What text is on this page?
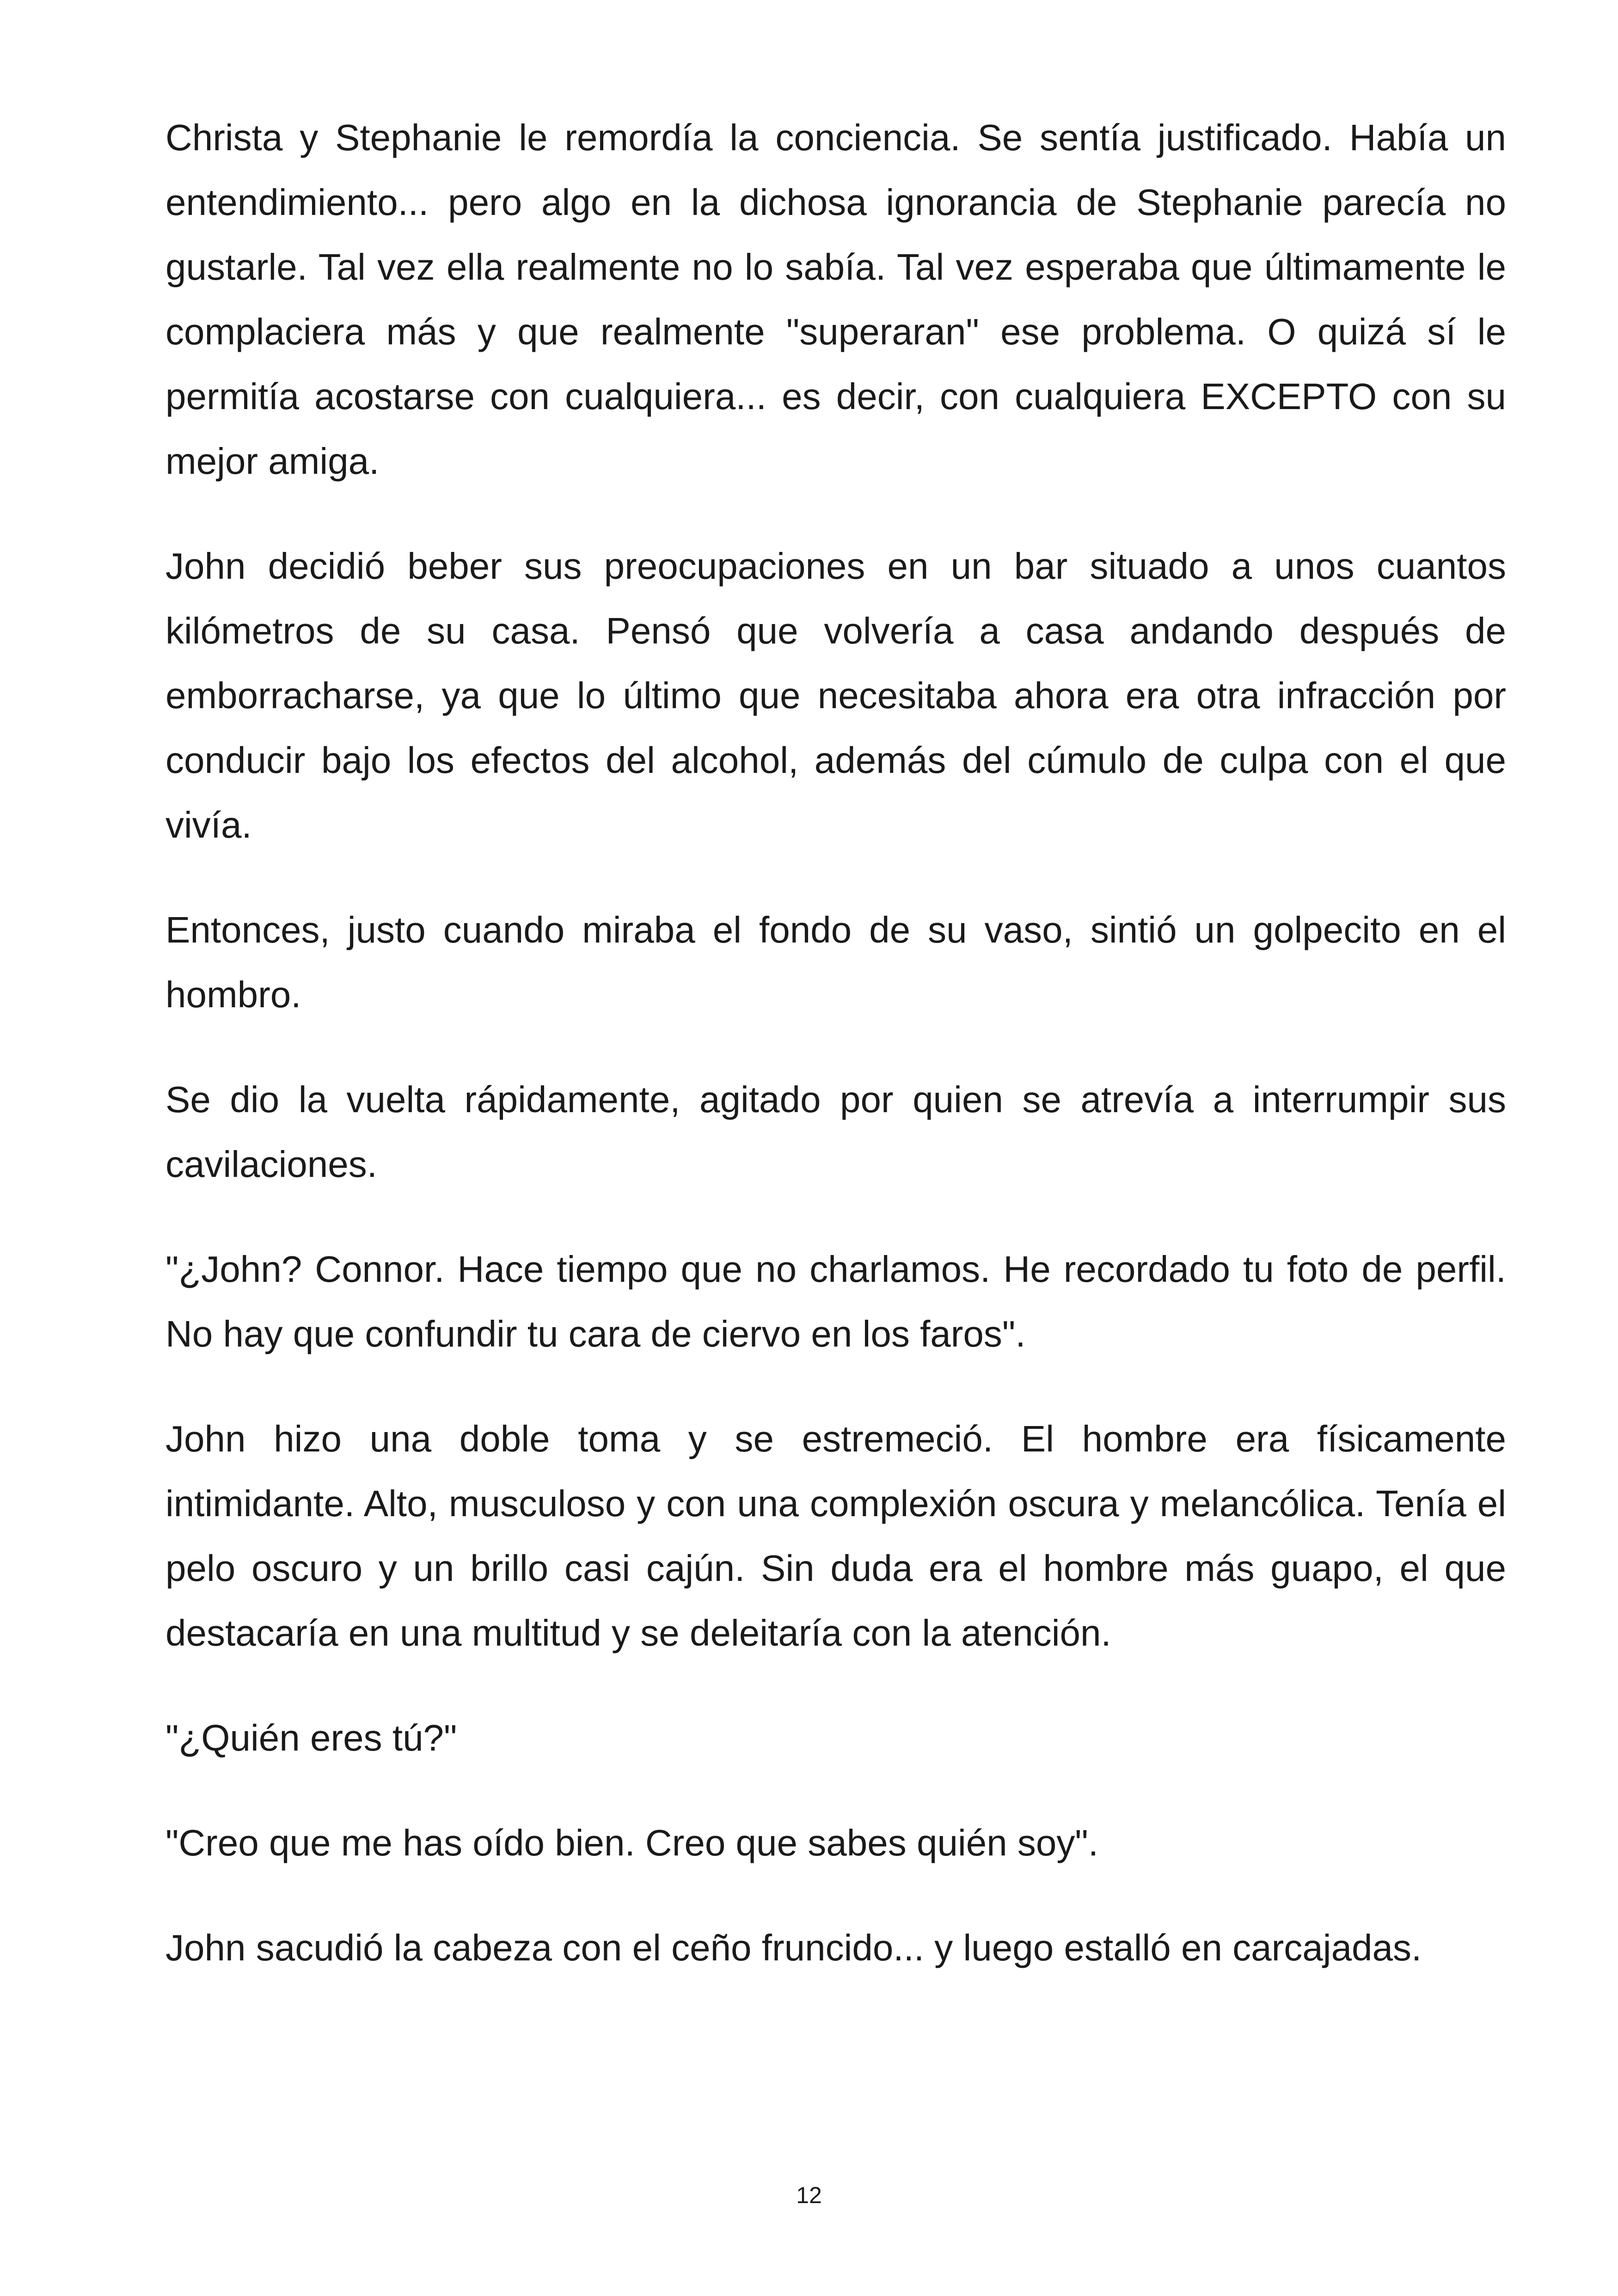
Christa y Stephanie le remordía la conciencia. Se sentía justificado. Había un entendimiento... pero algo en la dichosa ignorancia de Stephanie parecía no gustarle. Tal vez ella realmente no lo sabía. Tal vez esperaba que últimamente le complaciera más y que realmente "superaran" ese problema. O quizá sí le permitía acostarse con cualquiera... es decir, con cualquiera EXCEPTO con su mejor amiga.

John decidió beber sus preocupaciones en un bar situado a unos cuantos kilómetros de su casa. Pensó que volvería a casa andando después de emborracharse, ya que lo último que necesitaba ahora era otra infracción por conducir bajo los efectos del alcohol, además del cúmulo de culpa con el que vivía.

Entonces, justo cuando miraba el fondo de su vaso, sintió un golpecito en el hombro.

Se dio la vuelta rápidamente, agitado por quien se atrevía a interrumpir sus cavilaciones.

"¿John? Connor. Hace tiempo que no charlamos. He recordado tu foto de perfil. No hay que confundir tu cara de ciervo en los faros".

John hizo una doble toma y se estremeció. El hombre era físicamente intimidante. Alto, musculoso y con una complexión oscura y melancólica. Tenía el pelo oscuro y un brillo casi cajún. Sin duda era el hombre más guapo, el que destacaría en una multitud y se deleitaría con la atención.

"¿Quién eres tú?"

"Creo que me has oído bien. Creo que sabes quién soy".

John sacudió la cabeza con el ceño fruncido... y luego estalló en carcajadas.

12
